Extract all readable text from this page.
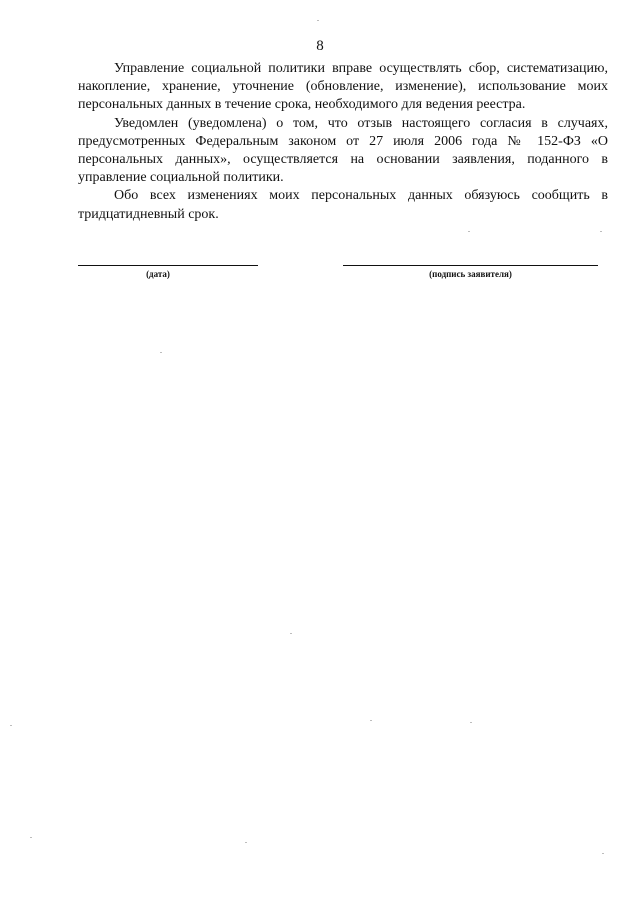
8

Управление социальной политики вправе осуществлять сбор, систематизацию, накопление, хранение, уточнение (обновление, изменение), использование моих персональных данных в течение срока, необходимого для ведения реестра.

Уведомлен (уведомлена) о том, что отзыв настоящего согласия в случаях, предусмотренных Федеральным законом от 27 июля 2006 года № 152-ФЗ «О персональных данных», осуществляется на основании заявления, поданного в управление социальной политики.

Обо всех изменениях моих персональных данных обязуюсь сообщить в тридцатидневный срок.

(дата)	(подпись заявителя)
